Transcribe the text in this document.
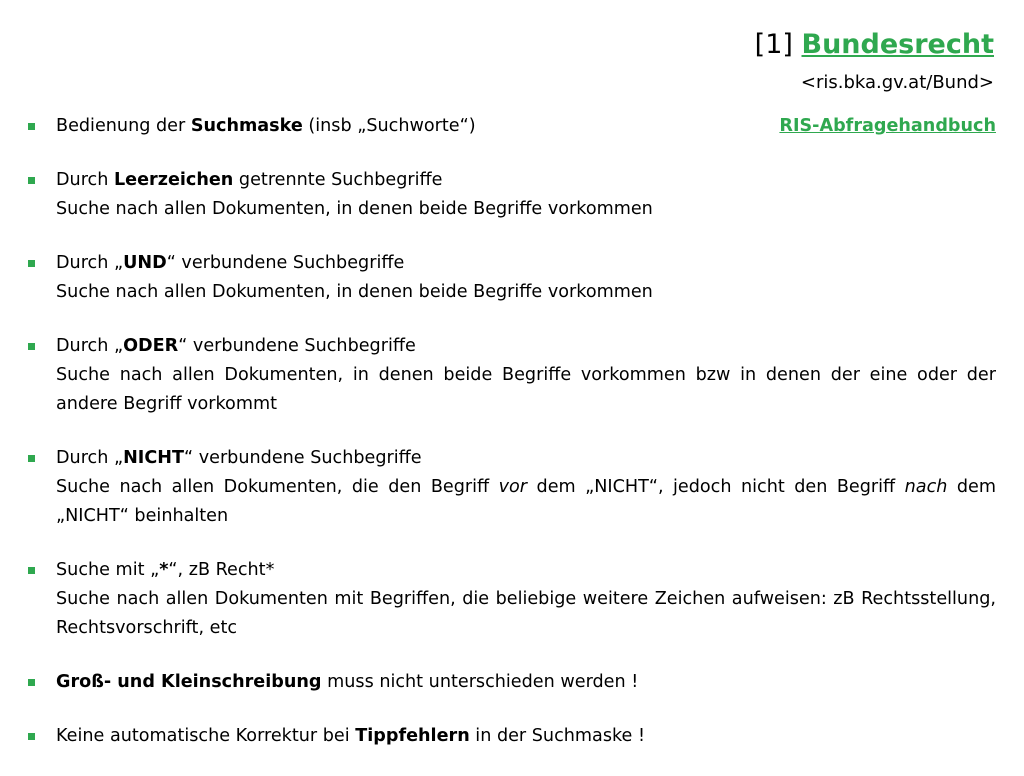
[1] Bundesrecht
<ris.bka.gv.at/Bund>
Bedienung der Suchmaske (insb „Suchworte“)	RIS-Abfragehandbuch
Durch Leerzeichen getrennte Suchbegriffe
Suche nach allen Dokumenten, in denen beide Begriffe vorkommen
Durch „UND“ verbundene Suchbegriffe
Suche nach allen Dokumenten, in denen beide Begriffe vorkommen
Durch „ODER“ verbundene Suchbegriffe
Suche nach allen Dokumenten, in denen beide Begriffe vorkommen bzw in denen der eine oder der andere Begriff vorkommt
Durch „NICHT“ verbundene Suchbegriffe
Suche nach allen Dokumenten, die den Begriff vor dem „NICHT“, jedoch nicht den Begriff nach dem „NICHT“ beinhalten
Suche mit „*“, zB Recht*
Suche nach allen Dokumenten mit Begriffen, die beliebige weitere Zeichen aufweisen: zB Rechtsstellung, Rechtsvorschrift, etc
Groß- und Kleinschreibung muss nicht unterschieden werden !
Keine automatische Korrektur bei Tippfehlern in der Suchmaske !
